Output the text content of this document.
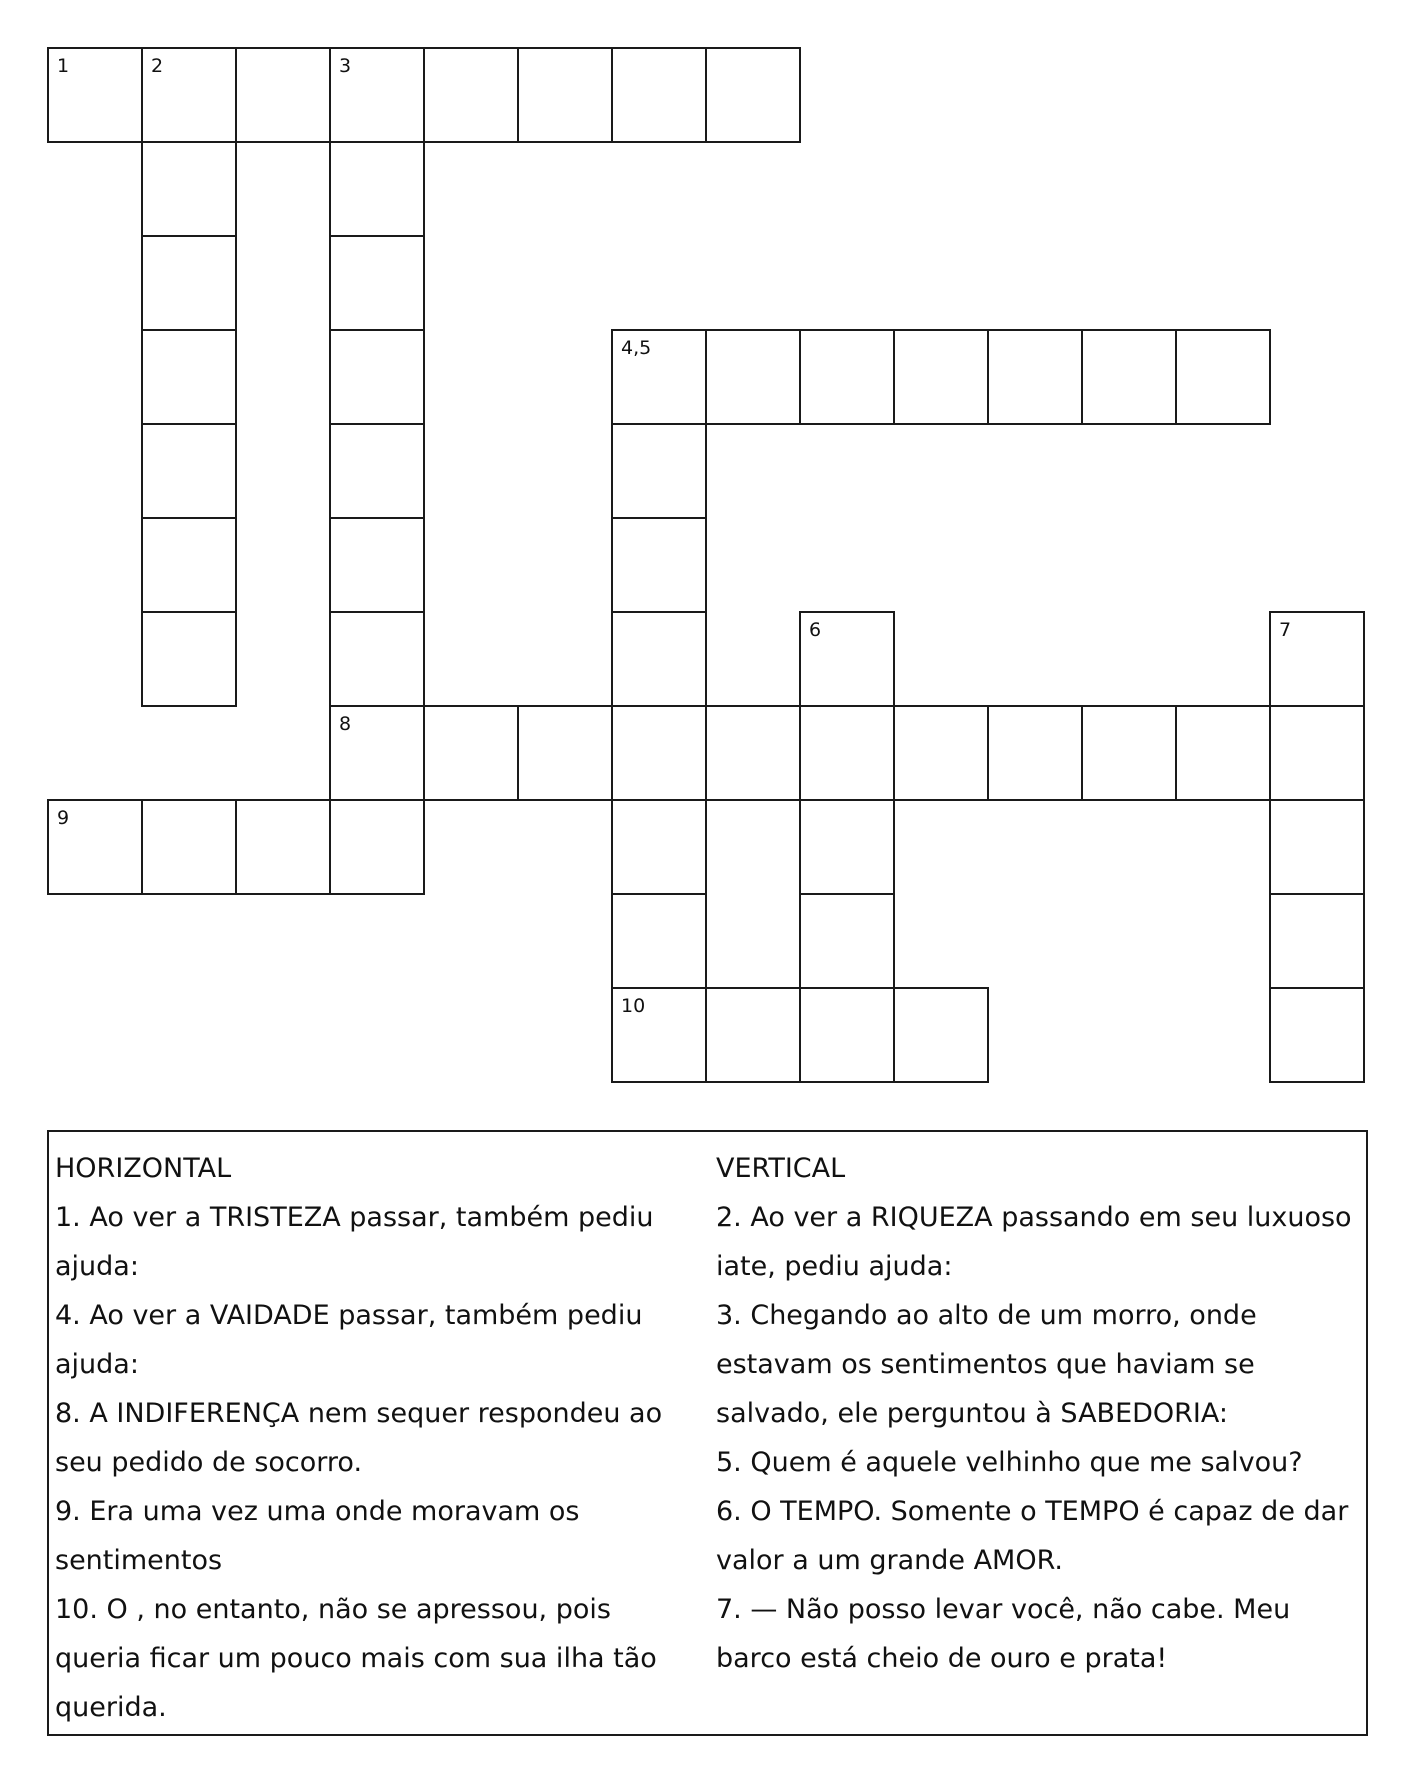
1	2	3
8
4,5
10
6	7
9

HORIZONTAL

1. Ao ver a TRISTEZA passar, também pediu ajuda:

4. Ao ver a VAIDADE passar, também pediu ajuda:

8. A INDIFERENÇA nem sequer respondeu ao seu pedido de socorro.

9. Era uma vez uma onde moravam os sentimentos

10. O , no entanto, não se apressou, pois queria ficar um pouco mais com sua ilha tão querida.

VERTICAL

2. Ao ver a RIQUEZA passando em seu luxuoso iate, pediu ajuda:

3. Chegando ao alto de um morro, onde estavam os sentimentos que haviam se salvado, ele perguntou à SABEDORIA:

5. Quem é aquele velhinho que me salvou?

6. O TEMPO. Somente o TEMPO é capaz de dar valor a um grande AMOR.

7. — Não posso levar você, não cabe. Meu barco está cheio de ouro e prata!
